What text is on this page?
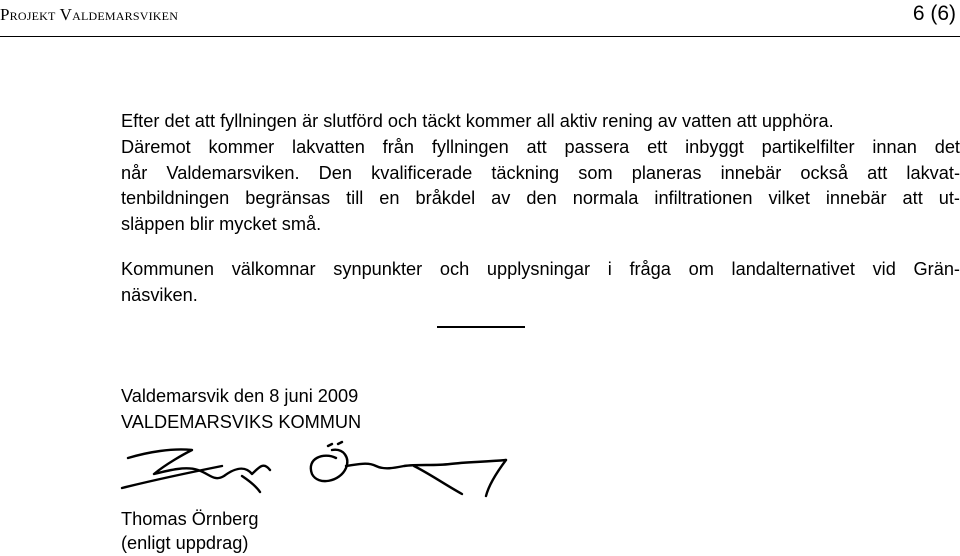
Projekt Valdemarsviken	6 (6)
Efter det att fyllningen är slutförd och täckt kommer all aktiv rening av vatten att upphöra.
Däremot kommer lakvatten från fyllningen att passera ett inbyggt partikelfilter innan det
når Valdemarsviken. Den kvalificerade täckning som planeras innebär också att lakvat-
tenbildningen begränsas till en bråkdel av den normala infiltrationen vilket innebär att ut-
släppen blir mycket små.
Kommunen välkomnar synpunkter och upplysningar i fråga om landalternativet vid Grän-
näsviken.
Valdemarsvik den 8 juni 2009
VALDEMARSVIKS KOMMUN
Thomas Örnberg
(enligt uppdrag)
